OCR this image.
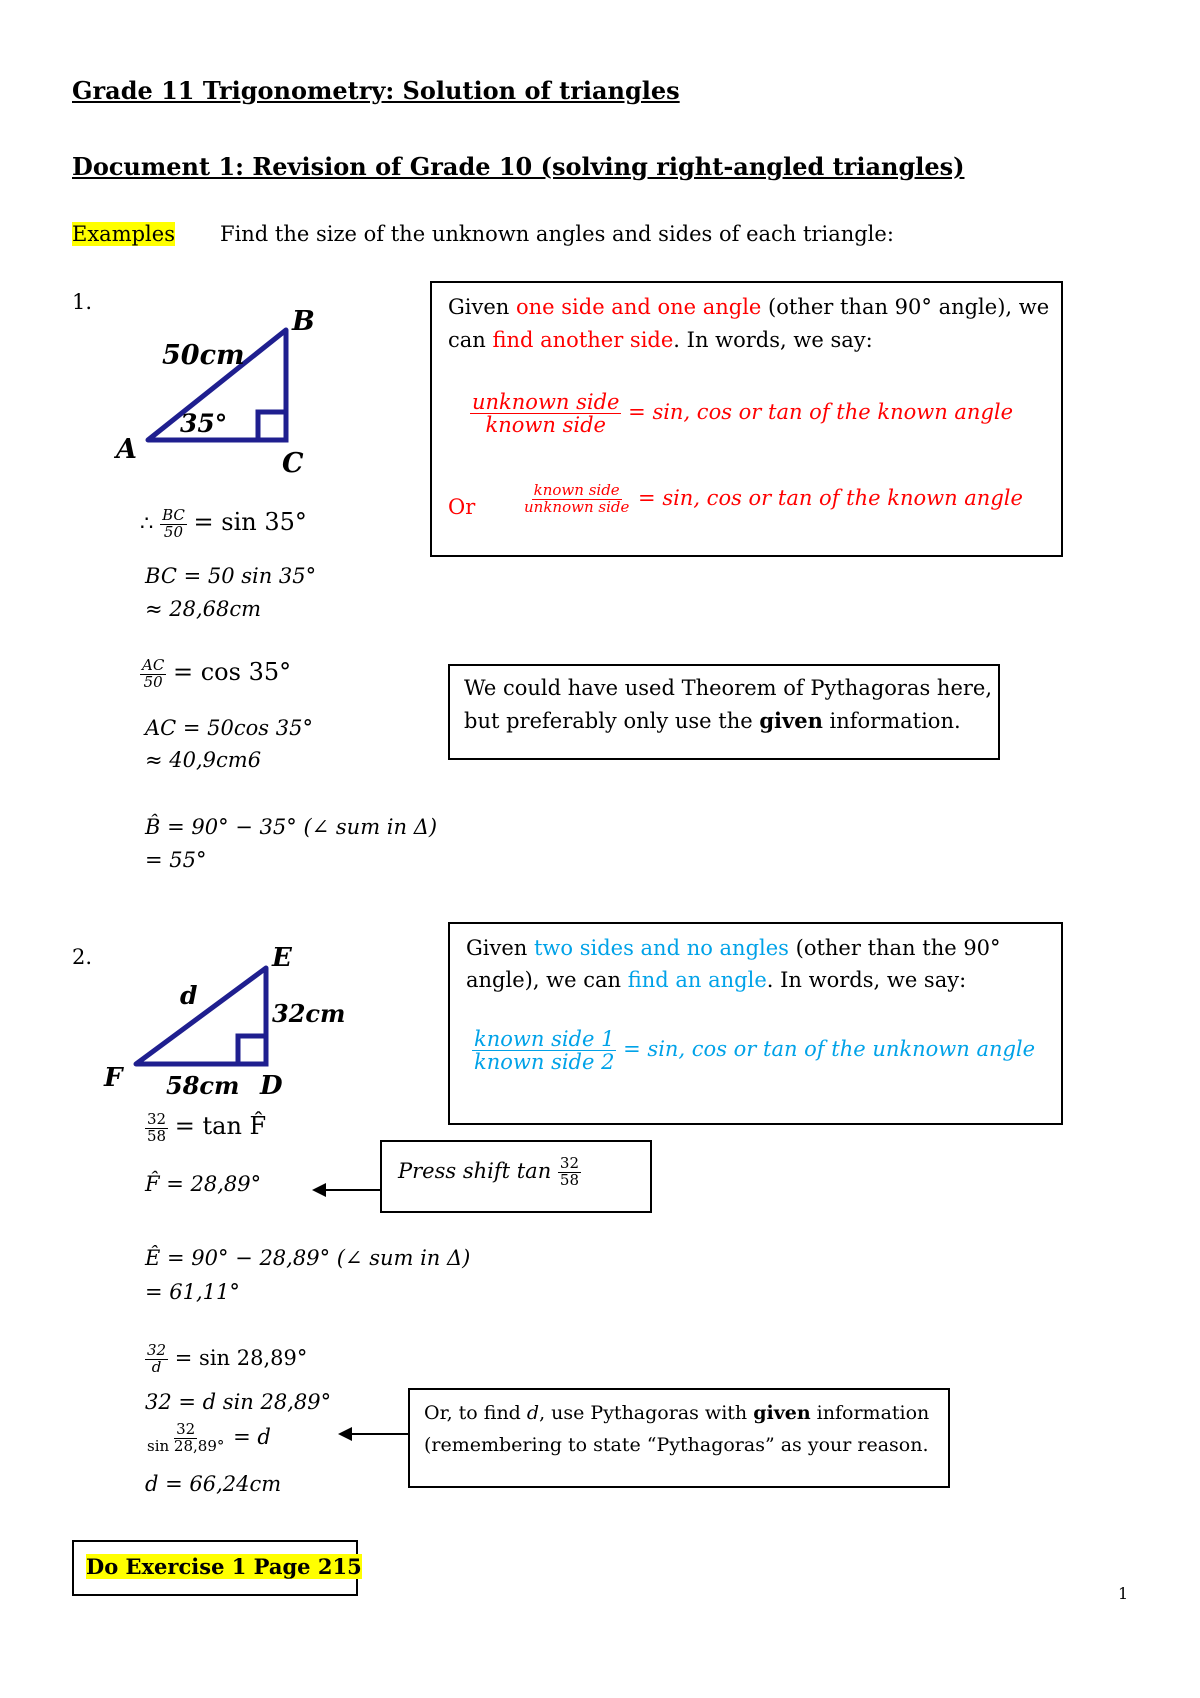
Grade 11 Trigonometry: Solution of triangles
Document 1: Revision of Grade 10 (solving right-angled triangles)
Examples Find the size of the unknown angles and sides of each triangle:
1.
50cm
35°
A
B
C
∴ $\frac{BC}{50} = \sin 35^\circ$
BC = 50 sin 35°
≈ 28,68cm
$\frac{AC}{50} = \cos 35^\circ$
AC = 50cos 35°
≈ 40,9cm6
B̂ = 90° − 35° (∠ sum in Δ)
= 55°
Given one side and one angle (other than 90° angle), we
can find another side. In words, we say:
$\frac{\text{unknown side}}{\text{known side}} = \sin$, cos or tan of the known angle
Or	$\frac{\text{known side}}{\text{unknown side}} = \sin$, cos or tan of the known angle
We could have used Theorem of Pythagoras here,
but preferably only use the given information.
2.
d
32cm
58cm
E
F	D
$\frac{32}{58} = \tan$ F̂
F̂ = 28,89°
Ê = 90° − 28,89° (∠ sum in Δ)
= 61,11°
$\frac{32}{d} = \sin 28,89^\circ$
32 = d sin 28,89°
$\frac{32}{\sin 28,89^\circ} = d$
d = 66,24cm
Given two sides and no angles (other than the 90°
angle), we can find an angle. In words, we say:
$\frac{\text{known side 1}}{\text{known side 2}} = \sin$, cos or tan of the unknown angle
Press shift $\tan \frac{32}{58}$
Or, to find d, use Pythagoras with given information
(remembering to state “Pythagoras” as your reason.
Do Exercise 1 Page 215
1
